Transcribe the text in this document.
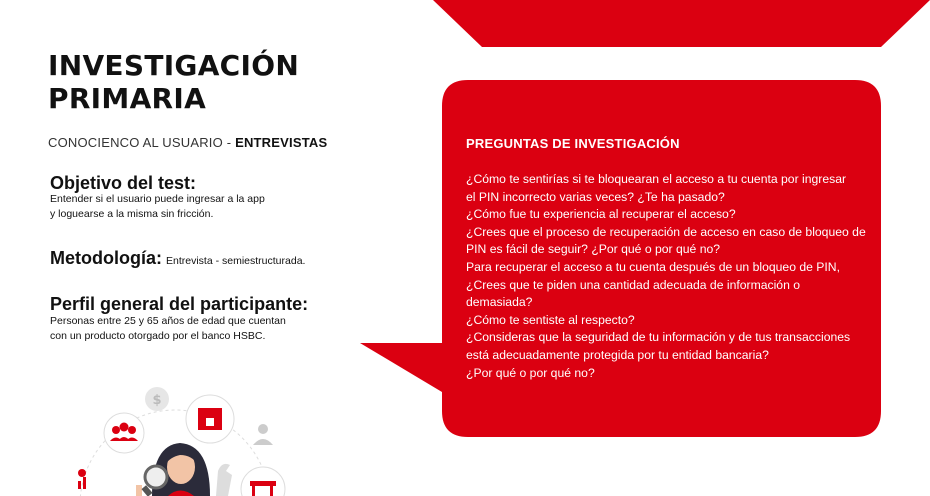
INVESTIGACIÓN
PRIMARIA
CONOCIENCO AL USUARIO - ENTREVISTAS
Objetivo del test:
Entender si el usuario puede ingresar a la app
y loguearse a la misma sin fricción.
Metodología: Entrevista - semiestructurada.
Perfil general del participante:
Personas entre 25 y 65 años de edad que cuentan
con un producto otorgado por el banco HSBC.
PREGUNTAS DE INVESTIGACIÓN

¿Cómo te sentirías si te bloquearan el acceso a tu cuenta por ingresar
el PIN incorrecto varias veces? ¿Te ha pasado?
¿Cómo fue tu experiencia al recuperar el acceso?
¿Crees que el proceso de recuperación de acceso en caso de bloqueo de
PIN es fácil de seguir? ¿Por qué o por qué no?
Para recuperar el acceso a tu cuenta después de un bloqueo de PIN,
¿Crees que te piden una cantidad adecuada de información o demasiada?
¿Cómo te sentiste al respecto?
¿Consideras que la seguridad de tu información y de tus transacciones
está adecuadamente protegida por tu entidad bancaria?
¿Por qué o por qué no?

$
